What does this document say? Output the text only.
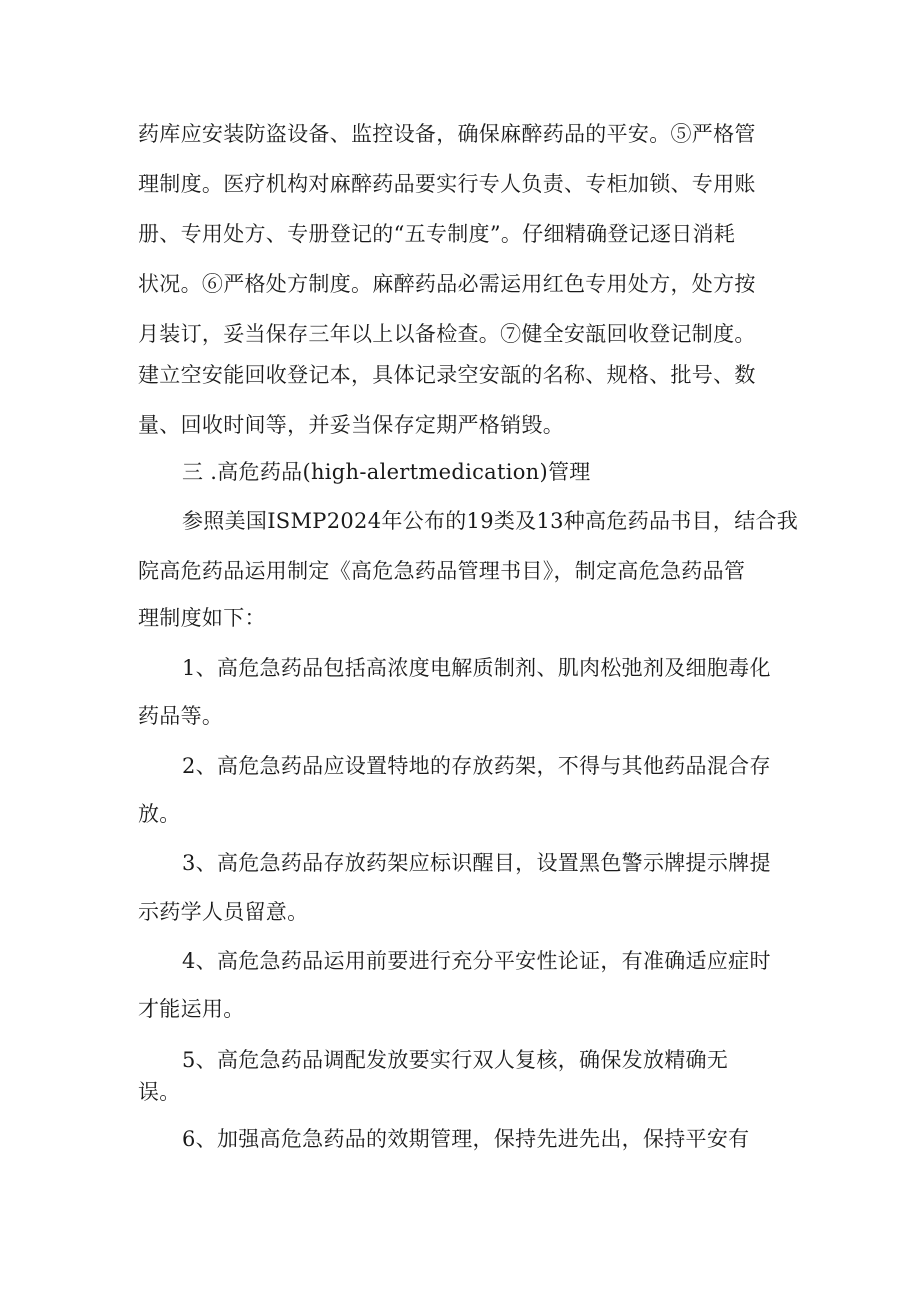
药库应安装防盗设备、监控设备，确保麻醉药品的平安。⑤严格管

理制度。医疗机构对麻醉药品要实行专人负责、专柜加锁、专用账

册、专用处方、专册登记的“五专制度”。仔细精确登记逐日消耗

状况。⑥严格处方制度。麻醉药品必需运用红色专用处方，处方按

月装订，妥当保存三年以上以备检查。⑦健全安瓿回收登记制度。

建立空安能回收登记本，具体记录空安瓿的名称、规格、批号、数

量、回收时间等，并妥当保存定期严格销毁。

三 .高危药品(high-alertmedication)管理

参照美国ISMP2024年公布的19类及13种高危药品书目，结合我

院高危药品运用制定《高危急药品管理书目》，制定高危急药品管

理制度如下：

1、高危急药品包括高浓度电解质制剂、肌肉松弛剂及细胞毒化

药品等。

2、高危急药品应设置特地的存放药架，不得与其他药品混合存

放。

3、高危急药品存放药架应标识醒目，设置黑色警示牌提示牌提

示药学人员留意。

4、高危急药品运用前要进行充分平安性论证，有准确适应症时

才能运用。

5、高危急药品调配发放要实行双人复核，确保发放精确无

误。

6、加强高危急药品的效期管理，保持先进先出，保持平安有
